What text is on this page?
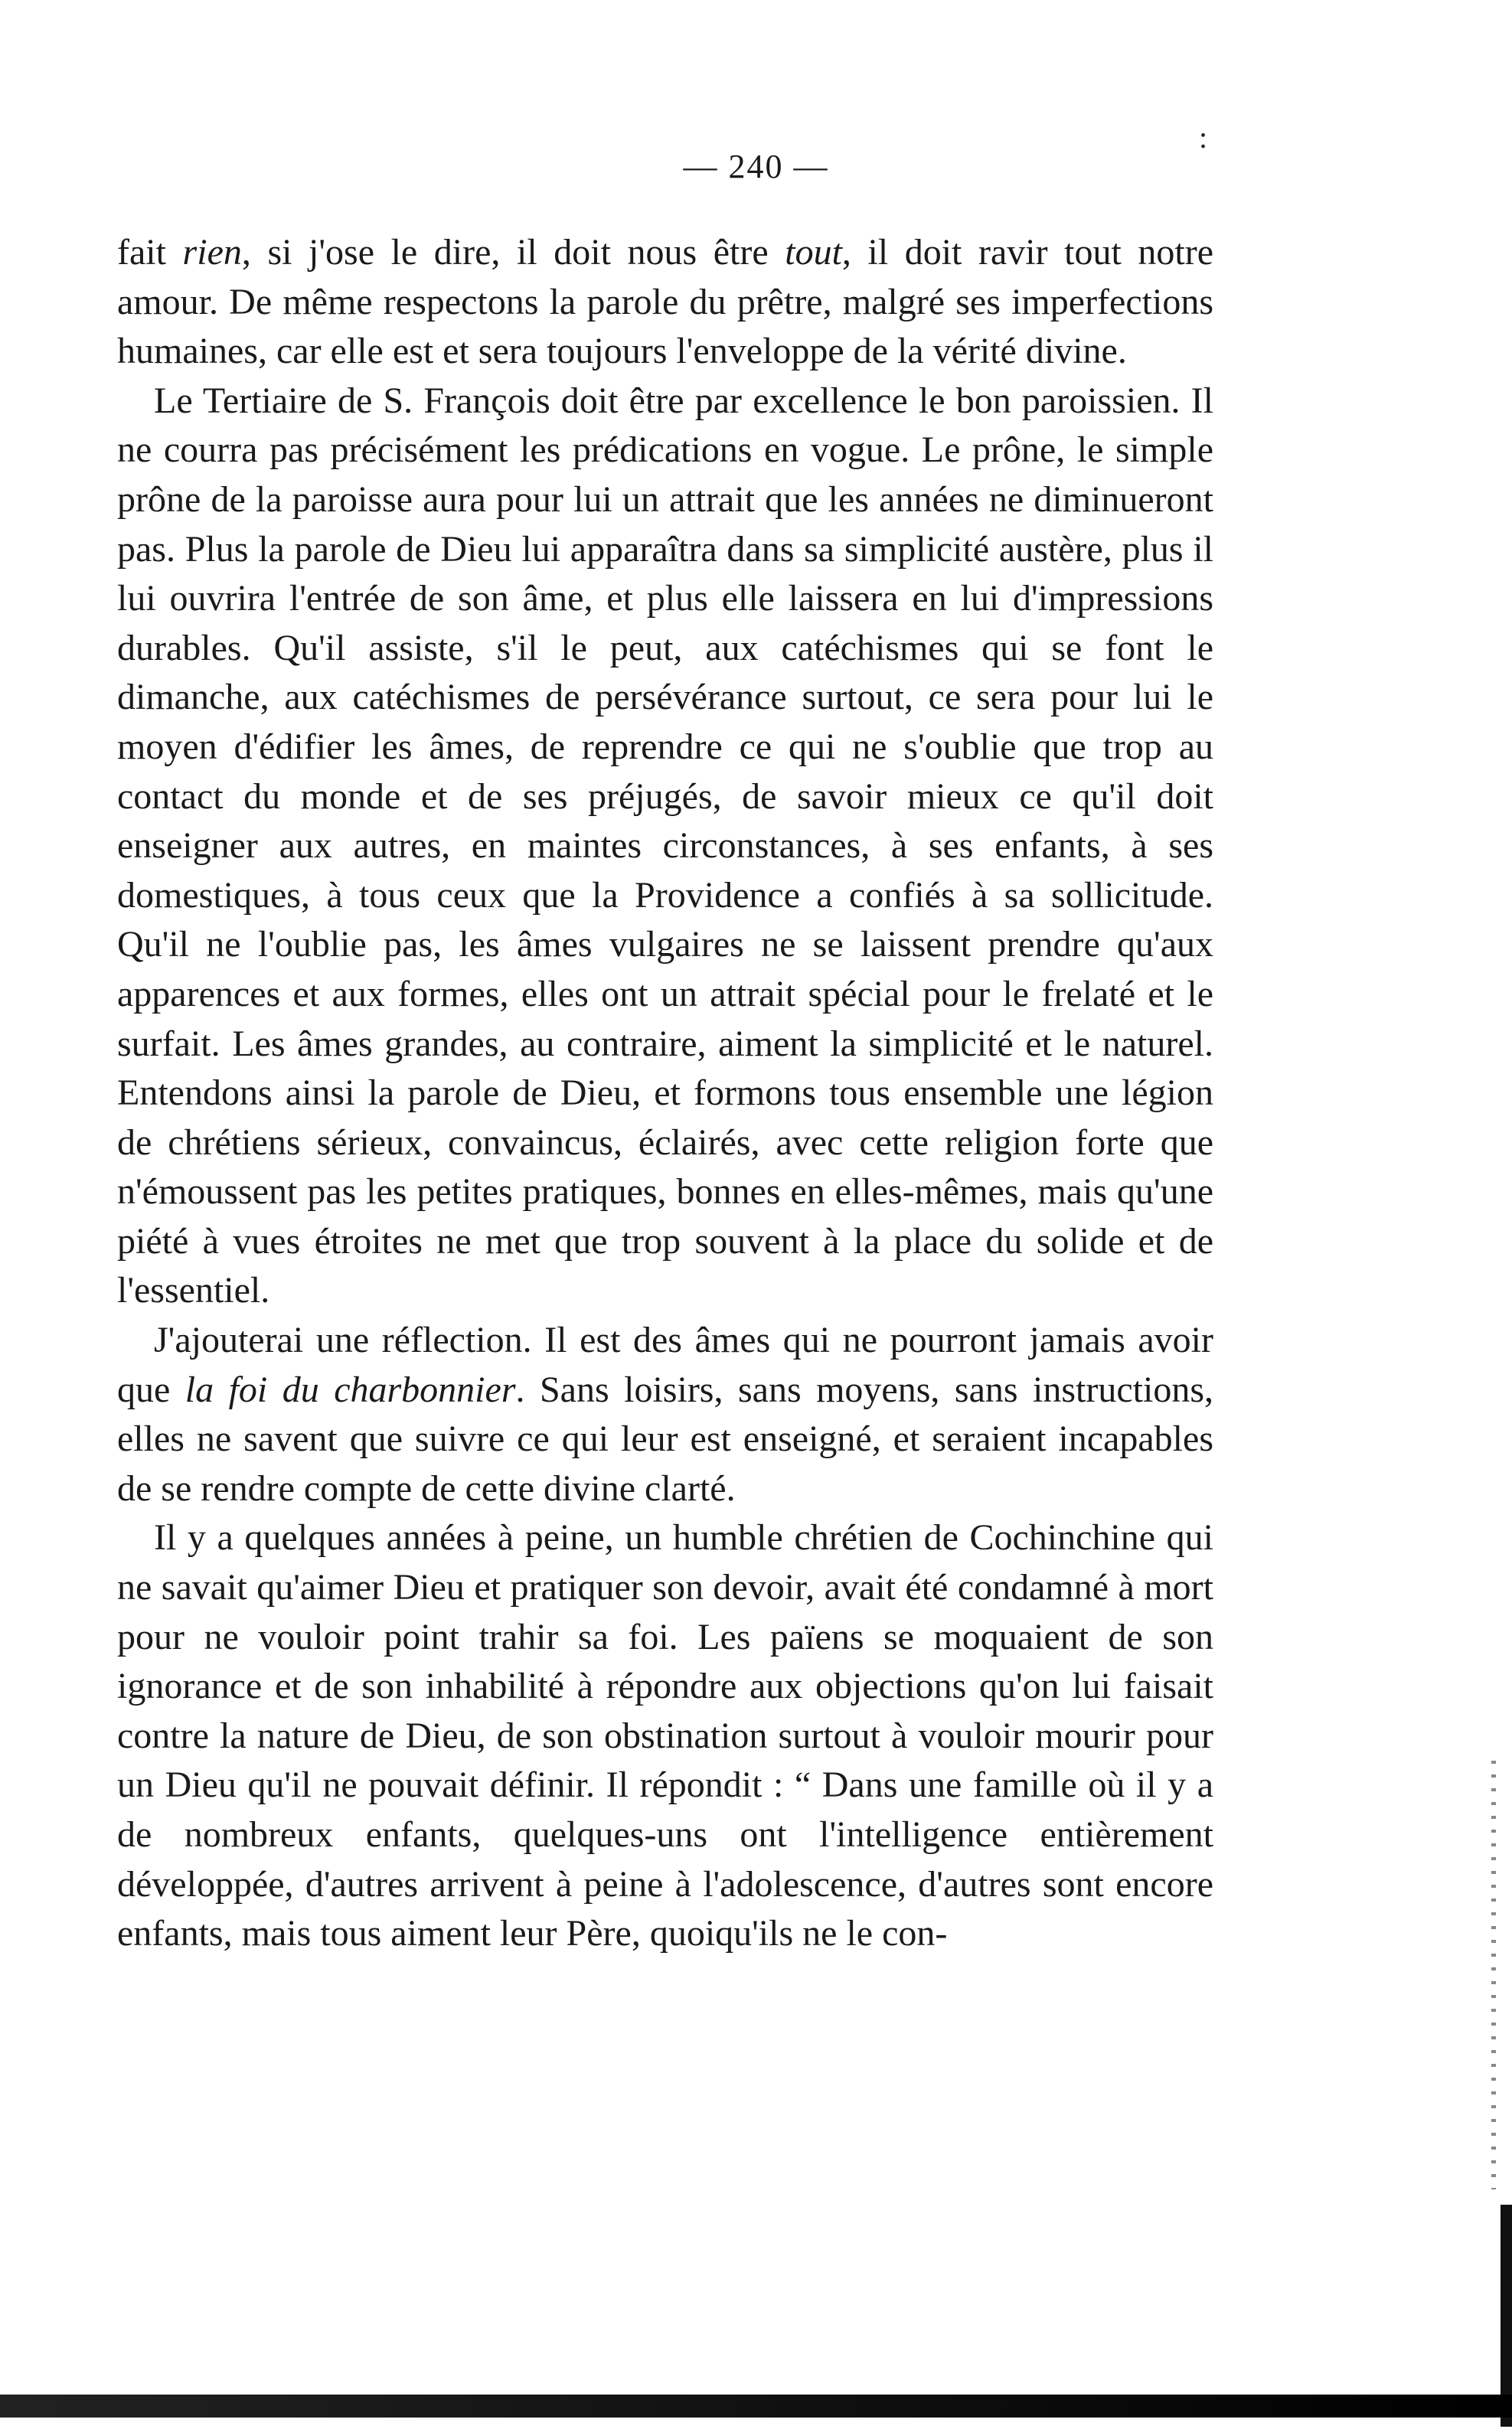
— 240 —
:

fait rien, si j'ose le dire, il doit nous être tout, il doit ravir tout notre amour. De même respectons la parole du prêtre, malgré ses imperfections humaines, car elle est et sera toujours l'enveloppe de la vérité divine.

Le Tertiaire de S. François doit être par excellence le bon paroissien. Il ne courra pas précisément les prédications en vogue. Le prône, le simple prône de la paroisse aura pour lui un attrait que les années ne diminueront pas. Plus la parole de Dieu lui apparaîtra dans sa simplicité austère, plus il lui ouvrira l'entrée de son âme, et plus elle laissera en lui d'impressions durables. Qu'il assiste, s'il le peut, aux catéchismes qui se font le dimanche, aux catéchismes de persévérance surtout, ce sera pour lui le moyen d'édifier les âmes, de reprendre ce qui ne s'oublie que trop au contact du monde et de ses préjugés, de savoir mieux ce qu'il doit enseigner aux autres, en maintes circonstances, à ses enfants, à ses domestiques, à tous ceux que la Providence a confiés à sa sollicitude. Qu'il ne l'oublie pas, les âmes vulgaires ne se laissent prendre qu'aux apparences et aux formes, elles ont un attrait spécial pour le frelaté et le surfait. Les âmes grandes, au contraire, aiment la simplicité et le naturel. Entendons ainsi la parole de Dieu, et formons tous ensemble une légion de chrétiens sérieux, convaincus, éclairés, avec cette religion forte que n'émoussent pas les petites pratiques, bonnes en elles-mêmes, mais qu'une piété à vues étroites ne met que trop souvent à la place du solide et de l'essentiel.

J'ajouterai une réflection. Il est des âmes qui ne pourront jamais avoir que la foi du charbonnier. Sans loisirs, sans moyens, sans instructions, elles ne savent que suivre ce qui leur est enseigné, et seraient incapables de se rendre compte de cette divine clarté.

Il y a quelques années à peine, un humble chrétien de Cochinchine qui ne savait qu'aimer Dieu et pratiquer son devoir, avait été condamné à mort pour ne vouloir point trahir sa foi. Les païens se moquaient de son ignorance et de son inhabilité à répondre aux objections qu'on lui faisait contre la nature de Dieu, de son obstination surtout à vouloir mourir pour un Dieu qu'il ne pouvait définir. Il répondit : “ Dans une famille où il y a de nombreux enfants, quelques-uns ont l'intelligence entièrement développée, d'autres arrivent à peine à l'adolescence, d'autres sont encore enfants, mais tous aiment leur Père, quoiqu'ils ne le con-
